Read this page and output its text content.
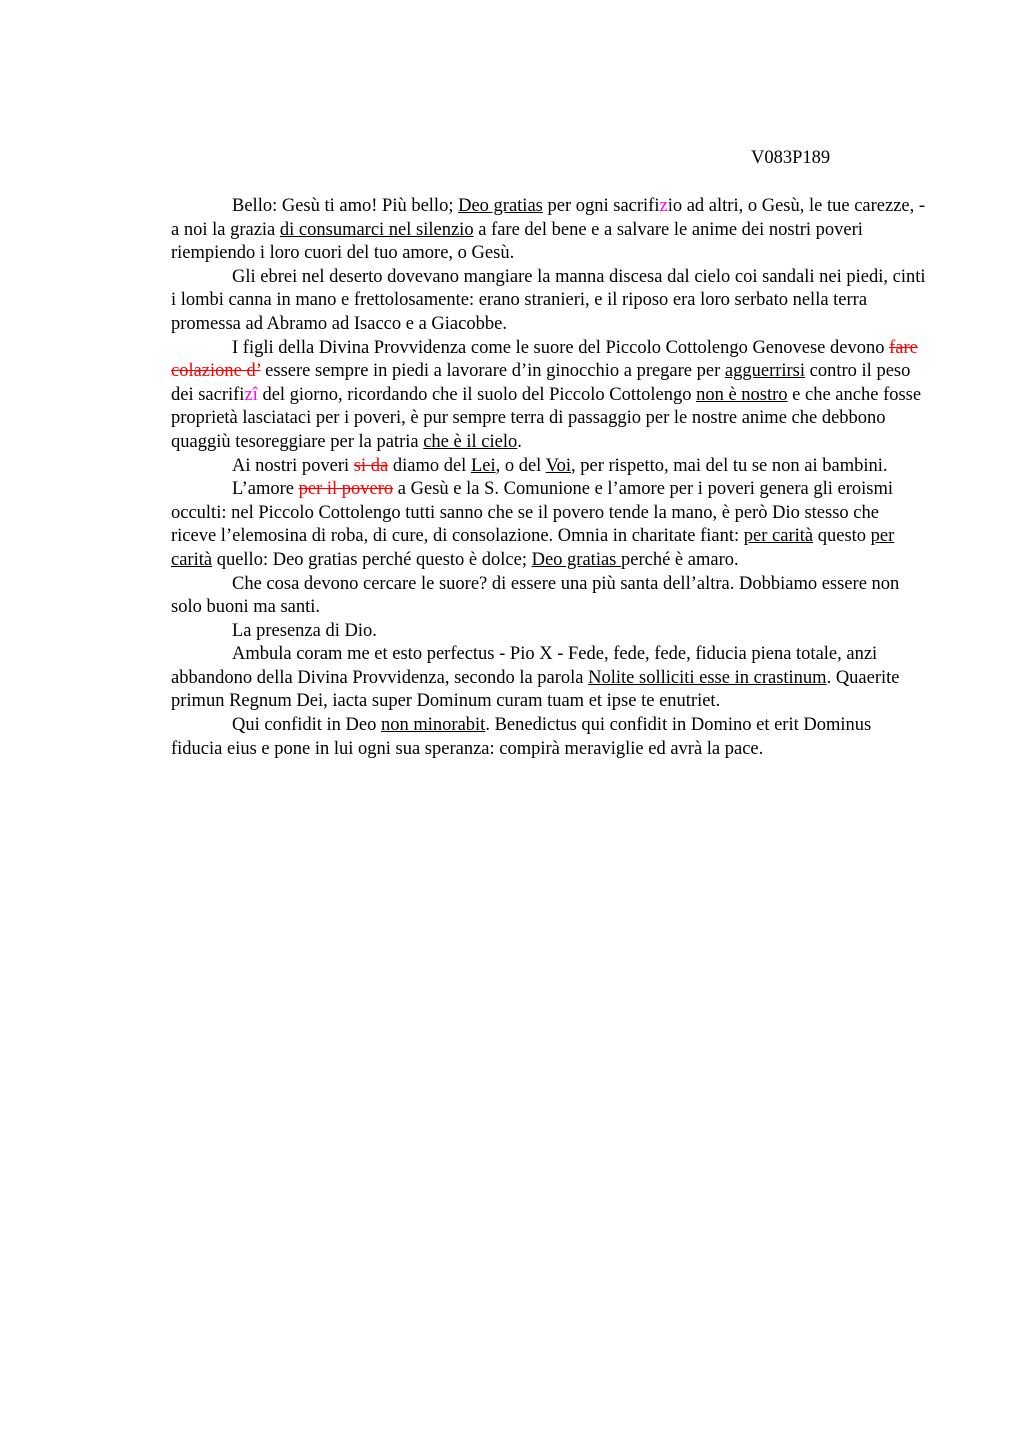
V083P189

Bello: Gesù ti amo! Più bello; Deo gratias per ogni sacrifizio ad altri, o Gesù, le tue carezze, - a noi la grazia di consumarci nel silenzio a fare del bene e a salvare le anime dei nostri poveri riempiendo i loro cuori del tuo amore, o Gesù.

Gli ebrei nel deserto dovevano mangiare la manna discesa dal cielo coi sandali nei piedi, cinti i lombi canna in mano e frettolosamente: erano stranieri, e il riposo era loro serbato nella terra promessa ad Abramo ad Isacco e a Giacobbe.

I figli della Divina Provvidenza come le suore del Piccolo Cottolengo Genovese devono fare colazione d’ essere sempre in piedi a lavorare d’in ginocchio a pregare per agguerrirsi contro il peso dei sacrifizî del giorno, ricordando che il suolo del Piccolo Cottolengo non è nostro e che anche fosse proprietà lasciataci per i poveri, è pur sempre terra di passaggio per le nostre anime che debbono quaggiù tesoreggiare per la patria che è il cielo.

Ai nostri poveri si da diamo del Lei, o del Voi, per rispetto, mai del tu se non ai bambini.

L’amore per il povero a Gesù e la S. Comunione e l’amore per i poveri genera gli eroismi occulti: nel Piccolo Cottolengo tutti sanno che se il povero tende la mano, è però Dio stesso che riceve l’elemosina di roba, di cure, di consolazione. Omnia in charitate fiant: per carità questo per carità quello: Deo gratias perché questo è dolce; Deo gratias perché è amaro.

Che cosa devono cercare le suore? di essere una più santa dell’altra. Dobbiamo essere non solo buoni ma santi.

La presenza di Dio.

Ambula coram me et esto perfectus - Pio X - Fede, fede, fede, fiducia piena totale, anzi abbandono della Divina Provvidenza, secondo la parola Nolite solliciti esse in crastinum. Quaerite primun Regnum Dei, iacta super Dominum curam tuam et ipse te enutriet.

Qui confidit in Deo non minorabit. Benedictus qui confidit in Domino et erit Dominus fiducia eius e pone in lui ogni sua speranza: compirà meraviglie ed avrà la pace.
